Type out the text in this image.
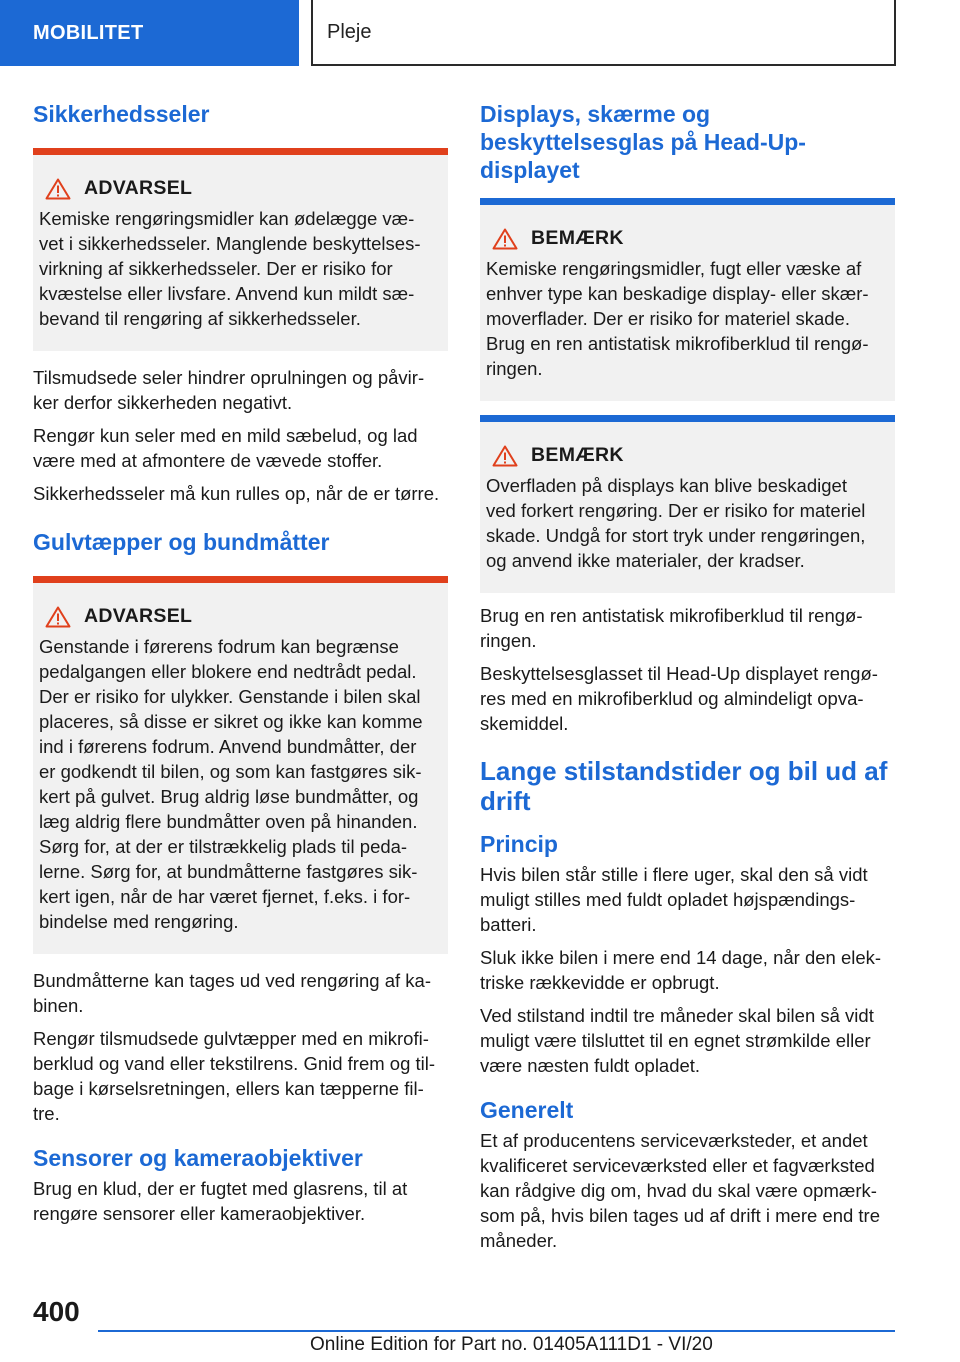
MOBILITET	Pleje
Sikkerhedsseler
ADVARSEL

Kemiske rengøringsmidler kan ødelægge væ-
vet i sikkerhedsseler. Manglende beskyttelses-
virkning af sikkerhedsseler. Der er risiko for
kvæstelse eller livsfare. Anvend kun mildt sæ-
bevand til rengøring af sikkerhedsseler.

Tilsmudsede seler hindrer oprulningen og påvir-
ker derfor sikkerheden negativt.

Rengør kun seler med en mild sæbelud, og lad
være med at afmontere de vævede stoffer.

Sikkerhedsseler må kun rulles op, når de er tørre.

Gulvtæpper og bundmåtter
ADVARSEL

Genstande i førerens fodrum kan begrænse
pedalgangen eller blokere end nedtrådt pedal.
Der er risiko for ulykker. Genstande i bilen skal
placeres, så disse er sikret og ikke kan komme
ind i førerens fodrum. Anvend bundmåtter, der
er godkendt til bilen, og som kan fastgøres sik-
kert på gulvet. Brug aldrig løse bundmåtter, og
læg aldrig flere bundmåtter oven på hinanden.
Sørg for, at der er tilstrækkelig plads til peda-
lerne. Sørg for, at bundmåtterne fastgøres sik-
kert igen, når de har været fjernet, f.eks. i for-
bindelse med rengøring.

Bundmåtterne kan tages ud ved rengøring af ka-
binen.

Rengør tilsmudsede gulvtæpper med en mikrofi-
berklud og vand eller tekstilrens. Gnid frem og til-
bage i kørselsretningen, ellers kan tæpperne fil-
tre.

Sensorer og kameraobjektiver

Brug en klud, der er fugtet med glasrens, til at
rengøre sensorer eller kameraobjektiver.

Displays, skærme og
beskyttelsesglas på Head-Up-
displayet
BEMÆRK

Kemiske rengøringsmidler, fugt eller væske af
enhver type kan beskadige display- eller skær-
moverflader. Der er risiko for materiel skade.
Brug en ren antistatisk mikrofiberklud til rengø-
ringen.

BEMÆRK

Overfladen på displays kan blive beskadiget
ved forkert rengøring. Der er risiko for materiel
skade. Undgå for stort tryk under rengøringen,
og anvend ikke materialer, der kradser.

Brug en ren antistatisk mikrofiberklud til rengø-
ringen.

Beskyttelsesglasset til Head-Up displayet rengø-
res med en mikrofiberklud og almindeligt opva-
skemiddel.

Lange stilstandstider og bil ud af
drift
Princip

Hvis bilen står stille i flere uger, skal den så vidt
muligt stilles med fuldt opladet højspændings-
batteri.

Sluk ikke bilen i mere end 14 dage, når den elek-
triske rækkevidde er opbrugt.

Ved stilstand indtil tre måneder skal bilen så vidt
muligt være tilsluttet til en egnet strømkilde eller
være næsten fuldt opladet.

Generelt

Et af producentens serviceværksteder, et andet
kvalificeret serviceværksted eller et fagværksted
kan rådgive dig om, hvad du skal være opmærk-
som på, hvis bilen tages ud af drift i mere end tre
måneder.

400
Online Edition for Part no. 01405A111D1 - VI/20
